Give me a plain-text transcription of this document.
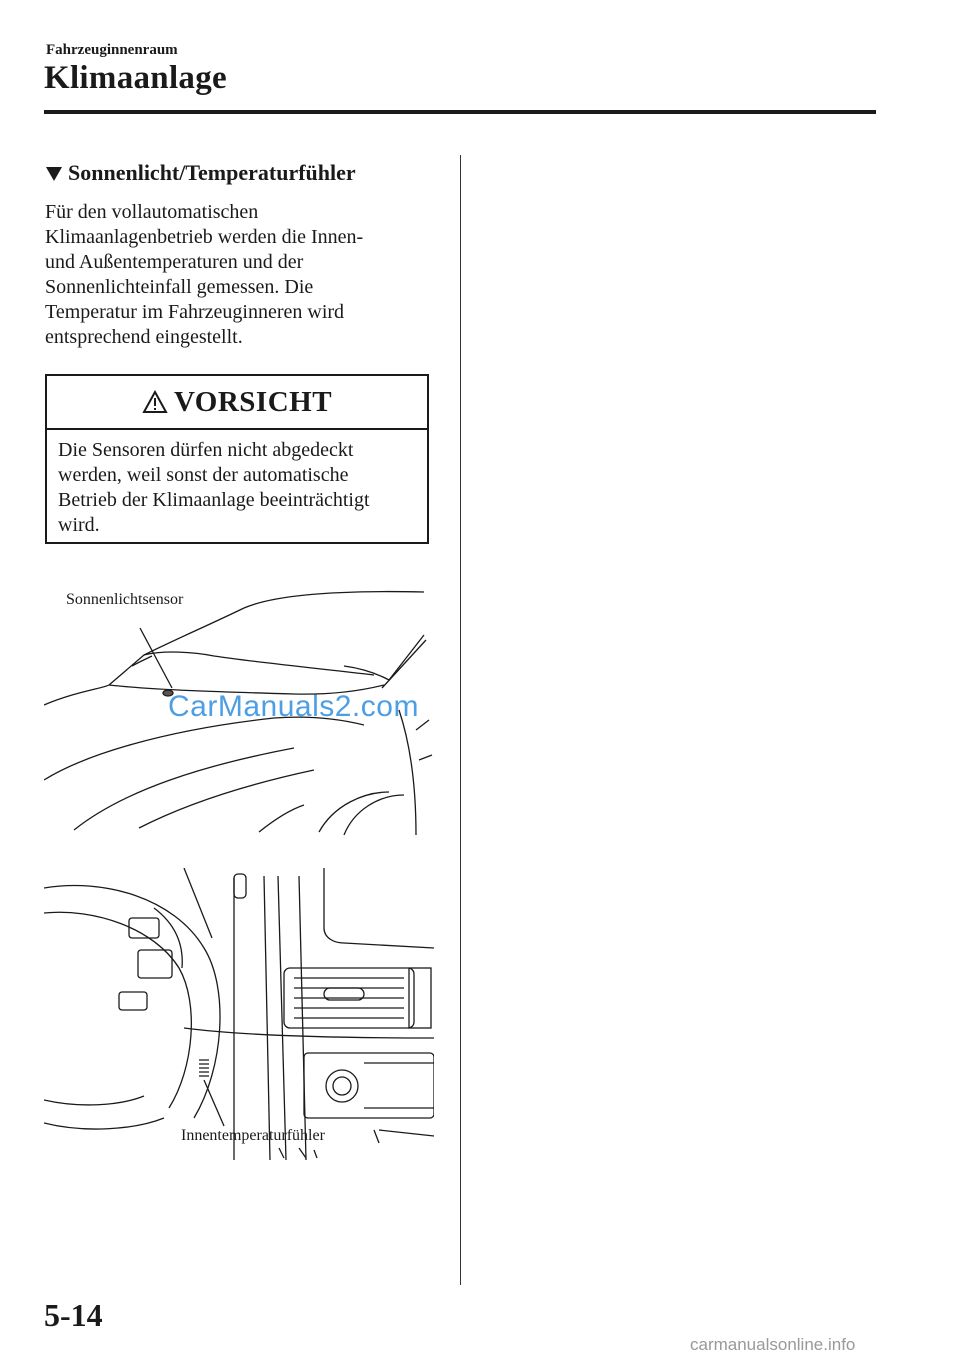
Fahrzeuginnenraum
Klimaanlage
Sonnenlicht/Temperaturfühler
Für den vollautomatischen
Klimaanlagenbetrieb werden die Innen-
und Außentemperaturen und der
Sonnenlichteinfall gemessen. Die
Temperatur im Fahrzeuginneren wird
entsprechend eingestellt.
VORSICHT
Die Sensoren dürfen nicht abgedeckt
werden, weil sonst der automatische
Betrieb der Klimaanlage beeinträchtigt
wird.
Sonnenlichtsensor
CarManuals2.com
Innentemperaturfühler
5-14
carmanualsonline.info
